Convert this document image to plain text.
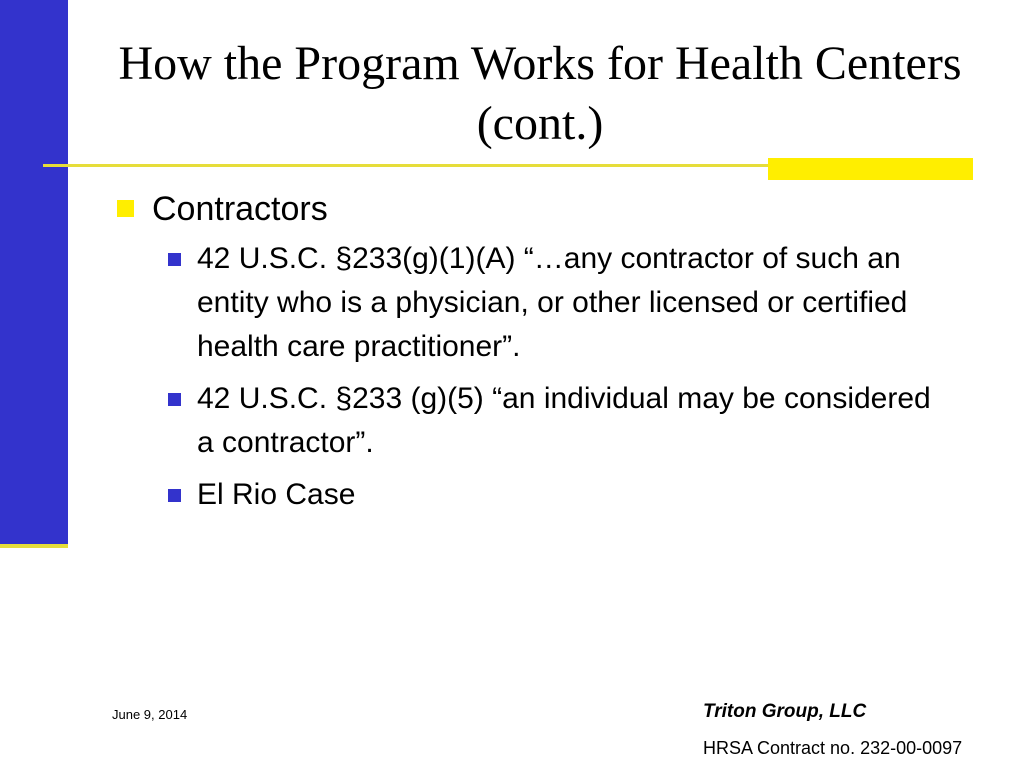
How the Program Works for Health Centers (cont.)
Contractors
42 U.S.C. §233(g)(1)(A) “…any contractor of such an entity who is a physician, or other licensed or certified health care practitioner”.
42 U.S.C. §233 (g)(5) “an individual may be considered a contractor”.
El Rio Case
June 9, 2014	Triton Group, LLC
HRSA Contract no. 232-00-0097
